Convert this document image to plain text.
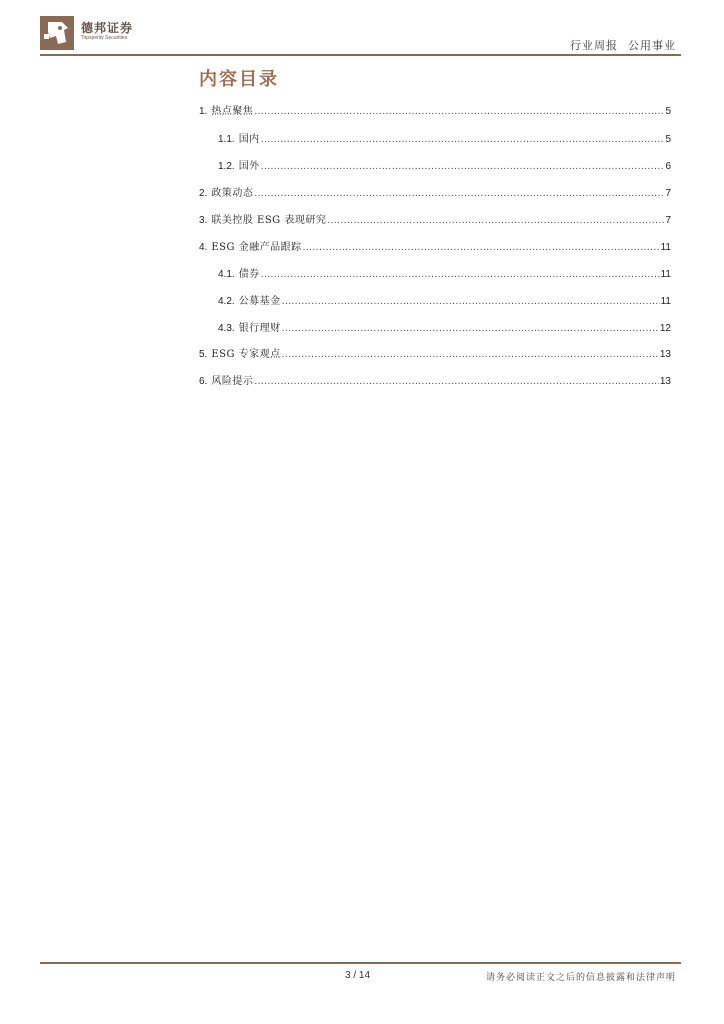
德邦证券
Topsperity Securities
行业周报 公用事业
内容目录
1. 热点聚焦 .....	5
1.1. 国内 .....	5
1.2. 国外 .....	6
2. 政策动态 .....	7
3. 联美控股 ESG 表现研究 .....	7
4. ESG 金融产品跟踪 .....	11
4.1. 债券 .....	11
4.2. 公募基金 .....	11
4.3. 银行理财 .....	12
5. ESG 专家观点 .....	13
6. 风险提示 .....	13
3 / 14	请务必阅读正文之后的信息披露和法律声明
